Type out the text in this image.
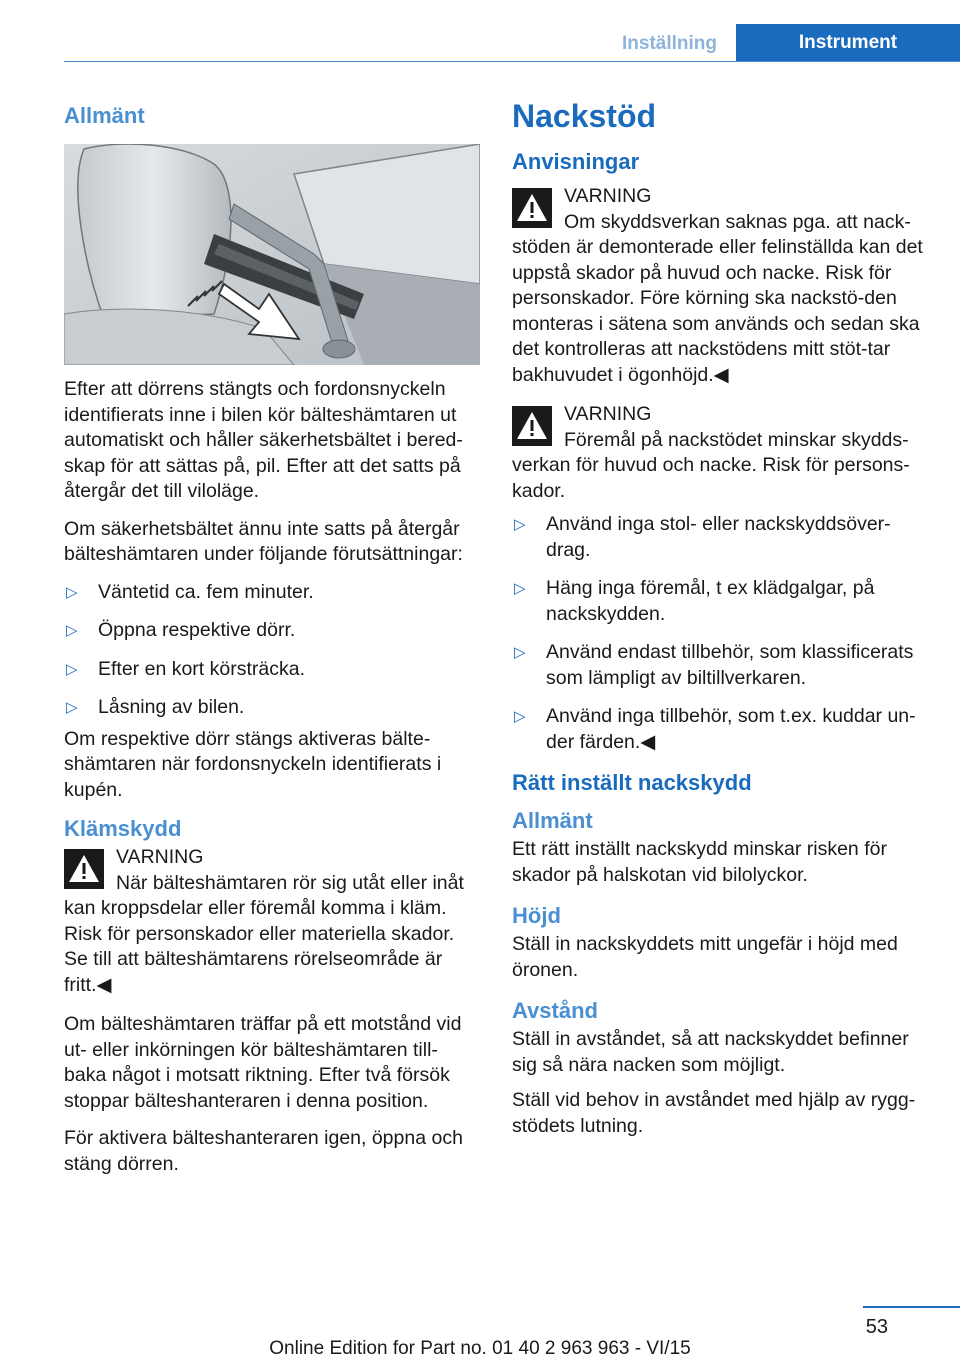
Inställning	Instrument
Allmänt

Efter att dörrens stängts och fordonsnyckeln identifierats inne i bilen kör bälteshämtaren ut automatiskt och håller säkerhetsbältet i bered‐skap för att sättas på, pil. Efter att det satts på återgår det till viloläge.

Om säkerhetsbältet ännu inte satts på återgår bälteshämtaren under följande förutsättningar:

▷ Väntetid ca. fem minuter.
▷ Öppna respektive dörr.
▷ Efter en kort körsträcka.
▷ Låsning av bilen.

Om respektive dörr stängs aktiveras bälte‐shämtaren när fordonsnyckeln identifierats i kupén.

Klämskydd
VARNING
När bälteshämtaren rör sig utåt eller inåt kan kroppsdelar eller föremål komma i kläm. Risk för personskador eller materiella skador. Se till att bälteshämtarens rörelseområde är fritt.◀

Om bälteshämtaren träffar på ett motstånd vid ut- eller inkörningen kör bälteshämtaren till‐baka något i motsatt riktning. Efter två försök stoppar bälteshanteraren i denna position.

För aktivera bälteshanteraren igen, öppna och stäng dörren.

Nackstöd
Anvisningar
VARNING
Om skyddsverkan saknas pga. att nack‐stöden är demonterade eller felinställda kan det uppstå skador på huvud och nacke. Risk för personskador. Före körning ska nackstö‐den monteras i sätena som används och sedan ska det kontrolleras att nackstödens mitt stöt‐tar bakhuvudet i ögonhöjd.◀
VARNING
Föremål på nackstödet minskar skydds‐verkan för huvud och nacke. Risk för persons‐kador.
▷ Använd inga stol- eller nackskyddsöver‐drag.
▷ Häng inga föremål, t ex klädgalgar, på nackskydden.
▷ Använd endast tillbehör, som klassificerats som lämpligt av biltillverkaren.
▷ Använd inga tillbehör, som t.ex. kuddar un‐der färden.◀
Rätt inställt nackskydd
Allmänt

Ett rätt inställt nackskydd minskar risken för skador på halskotan vid bilolyckor.

Höjd

Ställ in nackskyddets mitt ungefär i höjd med öronen.

Avstånd

Ställ in avståndet, så att nackskyddet befinner sig så nära nacken som möjligt.

Ställ vid behov in avståndet med hjälp av rygg‐stödets lutning.

53
Online Edition for Part no. 01 40 2 963 963 - VI/15
